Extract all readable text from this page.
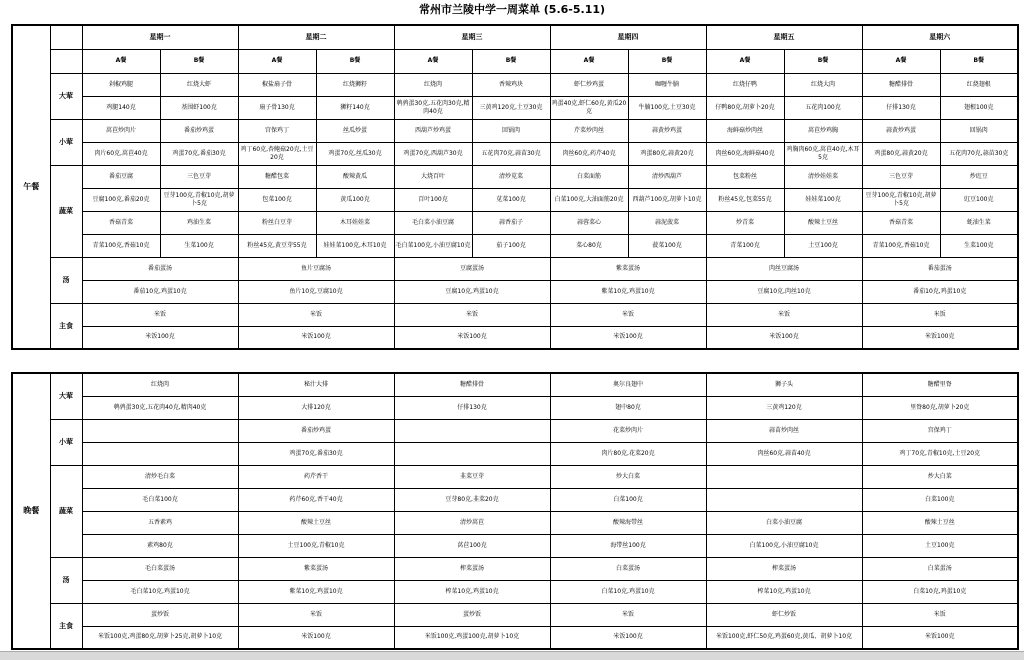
常州市兰陵中学一周菜单 (5.6-5.11)
午餐		星期一		星期二		星期三		星期四		星期五		星期六	
		A餐	B餐	A餐	B餐	A餐	B餐	A餐	B餐	A餐	B餐	A餐	B餐
	大荤	剁椒鸡腿	红烧大虾	椒盐扇子骨	红烧狮籽	红烧肉	香辣鸡块	虾仁炒鸡蛋	咖喱牛腩	红烧仔鸭	红烧大肉	糖醋排骨	红烧翅根
		鸡腿140克	基围虾100克	扇子骨130克	狮籽140克	鹌鹑蛋30克,五花肉30克,精肉40克	三黄鸡120克,土豆30克	鸡蛋40克,虾仁60克,黄瓜20克	牛腩100克,土豆30克	仔鸭80克,胡萝卜20克	五花肉100克	仔排130克	翅根100克
	小荤	莴苣炒肉片	番茄炒鸡蛋	宫保鸡丁	丝瓜炒蛋	西葫芦炒鸡蛋	回锅肉	芹菜炒肉丝	蒜黄炒鸡蛋	海鲜菇炒肉丝	莴苣炒鸡胸	蒜黄炒鸡蛋	回锅肉
		肉片60克,莴苣40克	鸡蛋70克,番茄30克	鸡丁60克,杏鲍菇20克,土豆20克	鸡蛋70克,丝瓜30克	鸡蛋70克,西葫芦30克	五花肉70克,蒜苗30克	肉丝60克,药芹40克	鸡蛋80克,蒜黄20克	肉丝60克,海鲜菇40克	鸡胸肉60克,莴苣40克,木耳5克	鸡蛋80克,蒜黄20克	五花肉70克,蒜苗30克
	蔬菜	番茄豆腐	三色豆芽	糖醋包菜	酸辣黄瓜	大烧百叶	清炒苋菜	白菜面筋	清炒西葫芦	包菜粉丝	清炒娃娃菜	三色豆芽	炒豇豆
		豆腐100克,番茄20克	豆芽100克,青椒10克,胡萝卜5克	包菜100克	黄瓜100克	百叶100克	苋菜100克	白菜100克,大油面筋20克	西葫芦100克,胡萝卜10克	粉丝45克,包菜55克	娃娃菜100克	豆芽100克,青椒10克,胡萝卜5克	豇豆100克
		香菇青菜	鸡油生菜	粉丝白豆芽	木耳娃娃菜	毛白菜小油豆腐	蒜香茄子	蒜蓉菜心	蒜泥菠菜	炒青菜	酸辣土豆丝	香菇青菜	蚝油生菜
		青菜100克,香菇10克	生菜100克	粉丝45克,黄豆芽55克	娃娃菜100克,木耳10克	毛白菜100克,小油豆腐10克	茄子100克	菜心80克	菠菜100克	青菜100克	土豆100克	青菜100克,香菇10克	生菜100克
	汤	番茄蛋汤		鱼片豆腐汤		豆腐蛋汤		紫菜蛋汤		肉丝豆腐汤		番茄蛋汤	
		番茄10克,鸡蛋10克		鱼片10克,豆腐10克		豆腐10克,鸡蛋10克		紫菜10克,鸡蛋10克		豆腐10克,肉丝10克		番茄10克,鸡蛋10克	
	主食	米饭		米饭		米饭		米饭		米饭		米饭	
		米饭100克		米饭100克		米饭100克		米饭100克		米饭100克		米饭100克	
晚餐	大荤	红烧肉	秘汁大排	糖醋排骨	奥尔良翅中	狮子头	糖醋里脊
		鹌鹑蛋30克,五花肉40克,精肉40克	大排120克	仔排130克	翅中80克	三黄鸡120克	里脊80克,胡萝卜20克
	小荤		番茄炒鸡蛋		花菜炒肉片	蒜苗炒肉丝	宫保鸡丁
			鸡蛋70克,番茄30克		肉片80克,花菜20克	肉丝60克,蒜苗40克	鸡丁70克,青椒10克,土豆20克
	蔬菜	清炒毛白菜	药芹香干	韭菜豆芽	炒大白菜		炒大白菜
		毛白菜100克	药芹60克,香干40克	豆芽80克,韭菜20克	白菜100克		白菜100克
		五香素鸡	酸辣土豆丝	清炒莴苣	酸辣海带丝	白菜小油豆腐	酸辣土豆丝
		素鸡80克	土豆100克,青椒10克	莴苣100克	海带丝100克	白菜100克,小油豆腐10克	土豆100克
	汤	毛白菜蛋汤	紫菜蛋汤	榨菜蛋汤	白菜蛋汤	榨菜蛋汤	白菜蛋汤
		毛白菜10克,鸡蛋10克	紫菜10克,鸡蛋10克	榨菜10克,鸡蛋10克	白菜10克,鸡蛋10克	榨菜10克,鸡蛋10克	白菜10克,鸡蛋10克
	主食	蛋炒饭	米饭	蛋炒饭	米饭	虾仁炒饭	米饭
		米饭100克,鸡蛋80克,胡萝卜25克,胡萝卜10克	米饭100克	米饭100克,鸡蛋100克,胡萝卜10克	米饭100克	米饭100克,虾仁50克,鸡蛋60克,黄瓜、胡萝卜10克	米饭100克
